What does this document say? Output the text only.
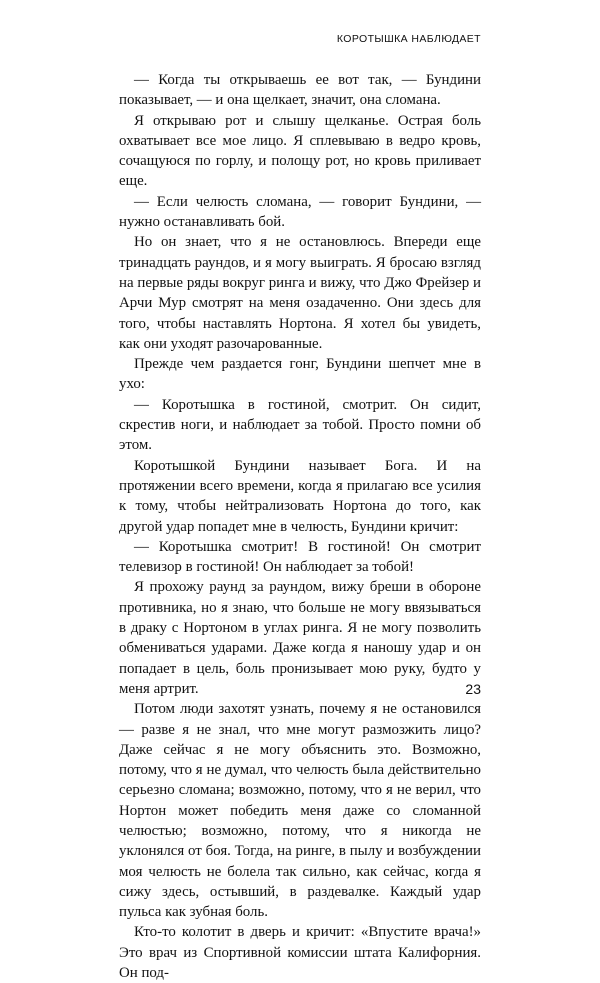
КОРОТЫШКА НАБЛЮДАЕТ

— Когда ты открываешь ее вот так, — Бундини показывает, — и она щелкает, значит, она сломана.

Я открываю рот и слышу щелканье. Острая боль охватывает все мое лицо. Я сплевываю в ведро кровь, сочащуюся по горлу, и полощу рот, но кровь приливает еще.

— Если челюсть сломана, — говорит Бундини, — нужно останавливать бой.

Но он знает, что я не остановлюсь. Впереди еще тринадцать раундов, и я могу выиграть. Я бросаю взгляд на первые ряды вокруг ринга и вижу, что Джо Фрейзер и Арчи Мур смотрят на меня озадаченно. Они здесь для того, чтобы наставлять Нортона. Я хотел бы увидеть, как они уходят разочарованные.

Прежде чем раздается гонг, Бундини шепчет мне в ухо:

— Коротышка в гостиной, смотрит. Он сидит, скрестив ноги, и наблюдает за тобой. Просто помни об этом.

Коротышкой Бундини называет Бога. И на протяжении всего времени, когда я прилагаю все усилия к тому, чтобы нейтрализовать Нортона до того, как другой удар попадет мне в челюсть, Бундини кричит:

— Коротышка смотрит! В гостиной! Он смотрит телевизор в гостиной! Он наблюдает за тобой!

Я прохожу раунд за раундом, вижу бреши в обороне противника, но я знаю, что больше не могу ввязываться в драку с Нортоном в углах ринга. Я не могу позволить обмениваться ударами. Даже когда я наношу удар и он попадает в цель, боль пронизывает мою руку, будто у меня артрит.

Потом люди захотят узнать, почему я не остановился — разве я не знал, что мне могут размозжить лицо? Даже сейчас я не могу объяснить это. Возможно, потому, что я не думал, что челюсть была действительно серьезно сломана; возможно, потому, что я не верил, что Нортон может победить меня даже со сломанной челюстью; возможно, потому, что я никогда не уклонялся от боя. Тогда, на ринге, в пылу и возбуждении моя челюсть не болела так сильно, как сейчас, когда я сижу здесь, остывший, в раздевалке. Каждый удар пульса как зубная боль.

Кто-то колотит в дверь и кричит: «Впустите врача!» Это врач из Спортивной комиссии штата Калифорния. Он под-

23
